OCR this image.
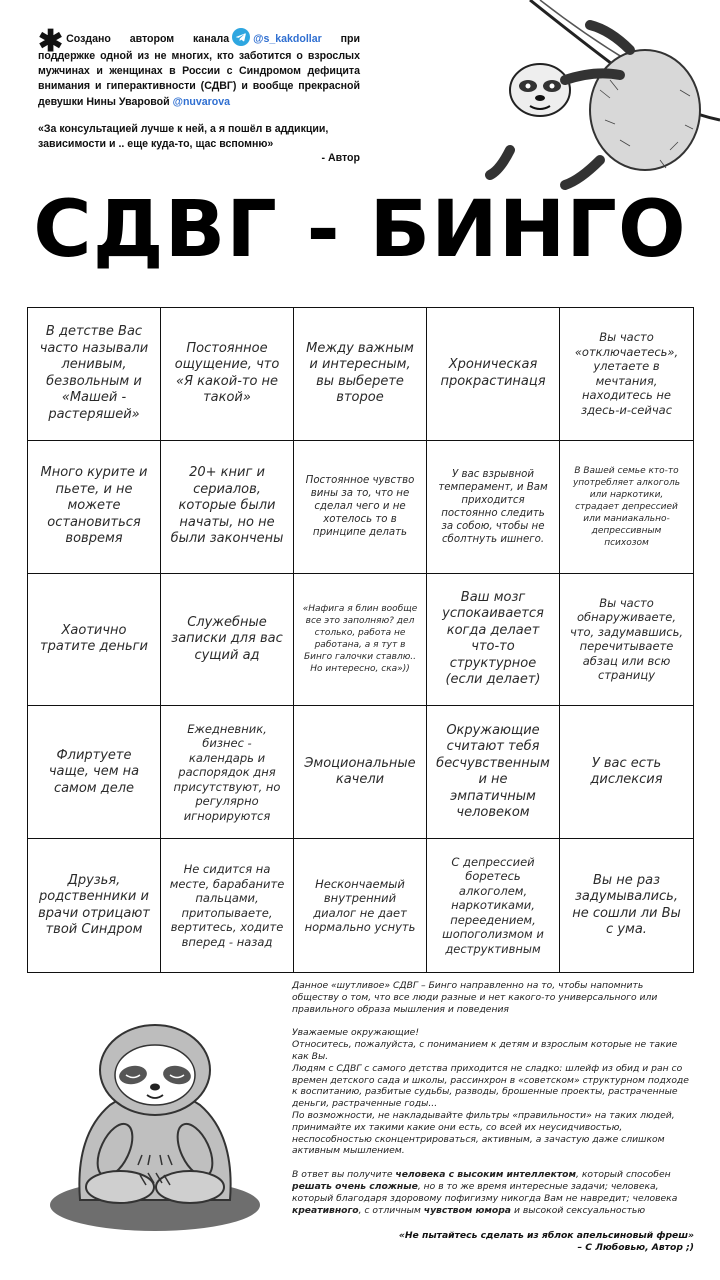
✱ Создано автором канала @s_kakdollar при поддержке одной из не многих, кто заботится о взрослых мужчинах и женщинах в России с Синдромом дефицита внимания и гиперактивности (СДВГ) и вообще прекрасной девушки Нины Уваровой @nuvarova
«За консультацией лучше к ней, а я пошёл в аддикции, зависимости и .. еще куда-то, щас вспомню»
- Автор
СДВГ - БИНГО
В детстве Вас часто называли ленивым, безвольным и «Машей - растеряшей»
Постоянное ощущение, что «Я какой-то не такой»
Между важным и интересным, вы выберете второе
Хроническая прокрастинаця
Вы часто «отключаетесь», улетаете в мечтания, находитесь не здесь-и-сейчас
Много курите и пьете, и не можете остановиться вовремя
20+ книг и сериалов, которые были начаты, но не были закончены
Постоянное чувство вины за то, что не сделал чего и не хотелось то в принципе делать
У вас взрывной темперамент, и Вам приходится постоянно следить за собою, чтобы не сболтнуть ишнего.
В Вашей семье кто-то употребляет алкоголь или наркотики, страдает депрессией или маниакально-депрессивным психозом
Хаотично тратите деньги
Служебные записки для вас сущий ад
«Нафига я блин вообще все это заполняю? дел столько, работа не работана, а я тут в Бинго галочки ставлю.. Но интересно, ска»))
Ваш мозг успокаивается когда делает что-то структурное (если делает)
Вы часто обнаруживаете, что, задумавшись, перечитываете абзац или всю страницу
Флиртуете чаще, чем на самом деле
Ежедневник, бизнес - календарь и распорядок дня присутствуют, но регулярно игнорируются
Эмоциональные качели
Окружающие считают тебя бесчувственным и не эмпатичным человеком
У вас есть дислексия
Друзья, родственники и врачи отрицают твой Синдром
Не сидится на месте, барабаните пальцами, притопываете, вертитесь, ходите вперед - назад
Нескончаемый внутренний диалог не дает нормально уснуть
С депрессией боретесь алкоголем, наркотиками, переедением, шопоголизмом и деструктивным
Вы не раз задумывались, не сошли ли Вы с ума.

Данное «шутливое» СДВГ – Бинго направленно на то, чтобы напомнить обществу о том, что все люди разные и нет какого-то универсального или правильного образа мышления и поведения

Уважаемые окружающие!

Относитесь, пожалуйста, с пониманием к детям и взрослым которые не такие как Вы.

Людям с СДВГ с самого детства приходится не сладко: шлейф из обид и ран со времен детского сада и школы, рассинхрон в «советском» структурном подходе к воспитанию, разбитые судьбы, разводы, брошенные проекты, растраченные деньги, растраченные годы...

По возможности, не накладывайте фильтры «правильности» на таких людей, принимайте их такими какие они есть, со всей их неусидчивостью, неспособностью сконцентрироваться, активным, а зачастую даже слишком активным мышлением.

В ответ вы получите человека с высоким интеллектом, который способен решать очень сложные, но в то же время интересные задачи; человека, который благодаря здоровому пофигизму никогда Вам не навредит; человека креативного, с отличным чувством юмора и высокой сексуальностью

«Не пытайтесь сделать из яблок апельсиновый фреш»
– С Любовью, Автор ;)
